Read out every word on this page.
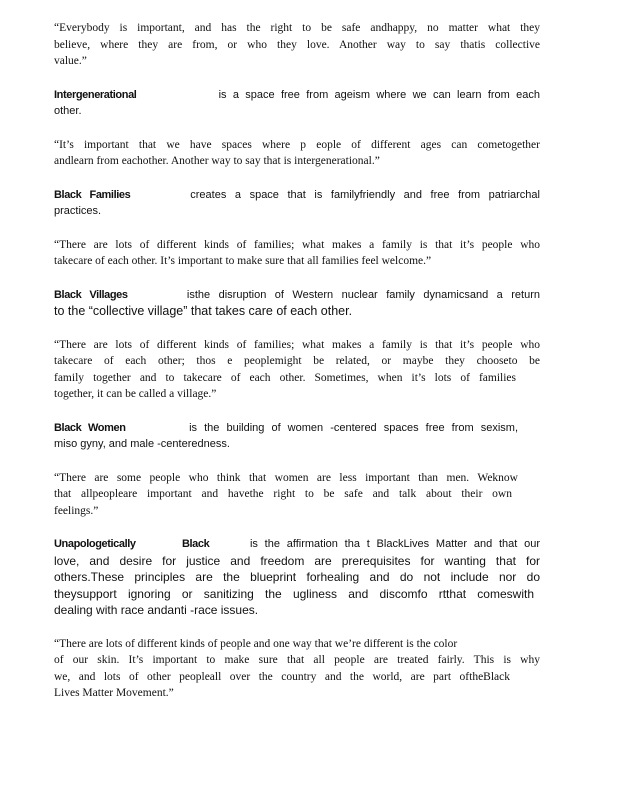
“Everybody is important, and has the right to be safe andhappy, no matter what they
believe, where they are from, or who they love. Another way to say thatis collective
value.”
Intergenerational	is a space free from ageism where we can learn from each
other.
“It’s important that we have spaces where p eople of different ages can cometogether
andlearn from eachother. Another way to say that is intergenerational.”
Black Families	creates a space that is familyfriendly and free from patriarchal
practices.
“There are lots of different kinds of families; what makes a family is that it’s people who
takecare of each other. It’s important to make sure that all families feel welcome.”
Black Villages	isthe disruption of Western nuclear family dynamicsand a return
to the “collective village” that takes care of each other.
“There are lots of different kinds of families; what makes a family is that it’s people who
takecare of each other; thos e peoplemight be related, or maybe they chooseto be
family together and to takecare of each other. Sometimes, when it’s lots of families
together, it can be called a village.”
Black Women	is the building of women -centered spaces free from sexism,
miso gyny, and male -centeredness.
“There are some people who think that women are less important than men. Weknow
that allpeopleare important and havethe right to be safe and talk about their own
feelings.”
Unapologetically Black	is the affirmation tha t BlackLives Matter and that our
love, and desire for justice and freedom are prerequisites for wanting that for
others.These principles are the blueprint forhealing and do not include nor do
theysupport ignoring or sanitizing the ugliness and discomfo rtthat comeswith
dealing with race andanti -race issues.
“There are lots of different kinds of people and one way that we’re different is the color
of our skin. It’s important to make sure that all people are treated fairly. This is why
we, and lots of other peopleall over the country and the world, are part oftheBlack
Lives Matter Movement.”
